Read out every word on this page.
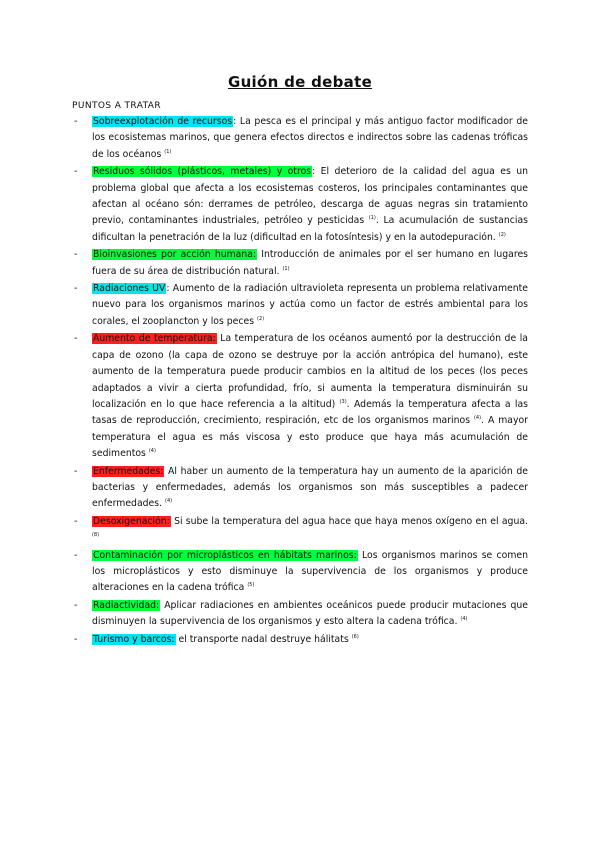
Guión de debate
PUNTOS A TRATAR
- Sobreexplotación de recursos: La pesca es el principal y más antiguo factor modificador de los ecosistemas marinos, que genera efectos directos e indirectos sobre las cadenas tróficas de los océanos $^{(1)}$
- Residuos sólidos (plásticos, metales) y otros: El deterioro de la calidad del agua es un problema global que afecta a los ecosistemas costeros, los principales contaminantes que afectan al océano són: derrames de petróleo, descarga de aguas negras sin tratamiento previo, contaminantes industriales, petróleo y pesticidas $^{(1)}$. La acumulación de sustancias dificultan la penetración de la luz (dificultad en la fotosíntesis) y en la autodepuración. $^{(2)}$
- Bioinvasiones por acción humana: Introducción de animales por el ser humano en lugares fuera de su área de distribución natural. $^{(1)}$
- Radiaciones UV: Aumento de la radiación ultravioleta representa un problema relativamente nuevo para los organismos marinos y actúa como un factor de estrés ambiental para los corales, el zooplancton y los peces $^{(2)}$
- Aumento de temperatura: La temperatura de los océanos aumentó por la destrucción de la capa de ozono (la capa de ozono se destruye por la acción antrópica del humano), este aumento de la temperatura puede producir cambios en la altitud de los peces (los peces adaptados a vivir a cierta profundidad, frío, si aumenta la temperatura disminuirán su localización en lo que hace referencia a la altitud) $^{(3)}$. Además la temperatura afecta a las tasas de reproducción, crecimiento, respiración, etc de los organismos marinos $^{(4)}$. A mayor temperatura el agua es más viscosa y esto produce que haya más acumulación de sedimentos $^{(4)}$
- Enfermedades: Al haber un aumento de la temperatura hay un aumento de la aparición de bacterias y enfermedades, además los organismos son más susceptibles a padecer enfermedades. $^{(4)}$
- Desoxigenación: Si sube la temperatura del agua hace que haya menos oxígeno en el agua. $^{(8)}$
- Contaminación por microplásticos en hábitats marinos: Los organismos marinos se comen los microplásticos y esto disminuye la supervivencia de los organismos y produce alteraciones en la cadena trófica $^{(5)}$
- Radiactividad: Aplicar radiaciones en ambientes oceánicos puede producir mutaciones que disminuyen la supervivencia de los organismos y esto altera la cadena trófica. $^{(4)}$
- Turismo y barcos: el transporte nadal destruye hálitats $^{(6)}$
